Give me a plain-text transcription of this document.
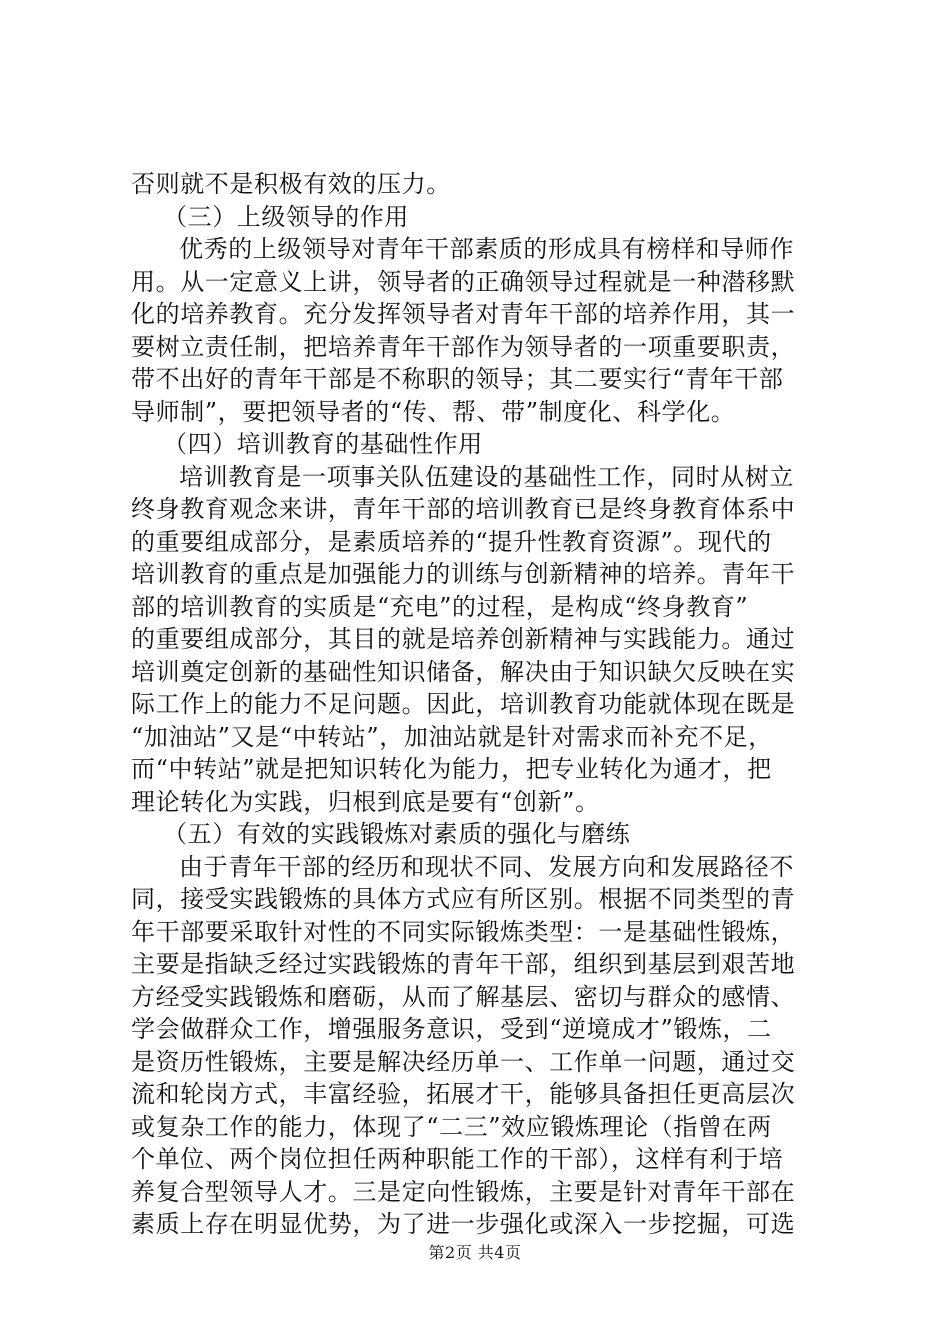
否则就不是积极有效的压力。
（三）上级领导的作用
优秀的上级领导对青年干部素质的形成具有榜样和导师作
用。从一定意义上讲，领导者的正确领导过程就是一种潜移默
化的培养教育。充分发挥领导者对青年干部的培养作用，其一
要树立责任制，把培养青年干部作为领导者的一项重要职责，
带不出好的青年干部是不称职的领导；其二要实行“青年干部
导师制”，要把领导者的“传、帮、带”制度化、科学化。
（四）培训教育的基础性作用
培训教育是一项事关队伍建设的基础性工作，同时从树立
终身教育观念来讲，青年干部的培训教育已是终身教育体系中
的重要组成部分，是素质培养的“提升性教育资源”。现代的
培训教育的重点是加强能力的训练与创新精神的培养。青年干
部的培训教育的实质是“充电”的过程，是构成“终身教育”
的重要组成部分，其目的就是培养创新精神与实践能力。通过
培训奠定创新的基础性知识储备，解决由于知识缺欠反映在实
际工作上的能力不足问题。因此，培训教育功能就体现在既是
“加油站”又是“中转站”，加油站就是针对需求而补充不足，
而“中转站”就是把知识转化为能力，把专业转化为通才，把
理论转化为实践，归根到底是要有“创新”。
（五）有效的实践锻炼对素质的强化与磨练
由于青年干部的经历和现状不同、发展方向和发展路径不
同，接受实践锻炼的具体方式应有所区别。根据不同类型的青
年干部要采取针对性的不同实际锻炼类型：一是基础性锻炼，
主要是指缺乏经过实践锻炼的青年干部，组织到基层到艰苦地
方经受实践锻炼和磨砺，从而了解基层、密切与群众的感情、
学会做群众工作，增强服务意识，受到“逆境成才”锻炼，二
是资历性锻炼，主要是解决经历单一、工作单一问题，通过交
流和轮岗方式，丰富经验，拓展才干，能够具备担任更高层次
或复杂工作的能力，体现了“二三”效应锻炼理论（指曾在两
个单位、两个岗位担任两种职能工作的干部），这样有利于培
养复合型领导人才。三是定向性锻炼，主要是针对青年干部在
素质上存在明显优势，为了进一步强化或深入一步挖掘，可选
第2页 共4页
